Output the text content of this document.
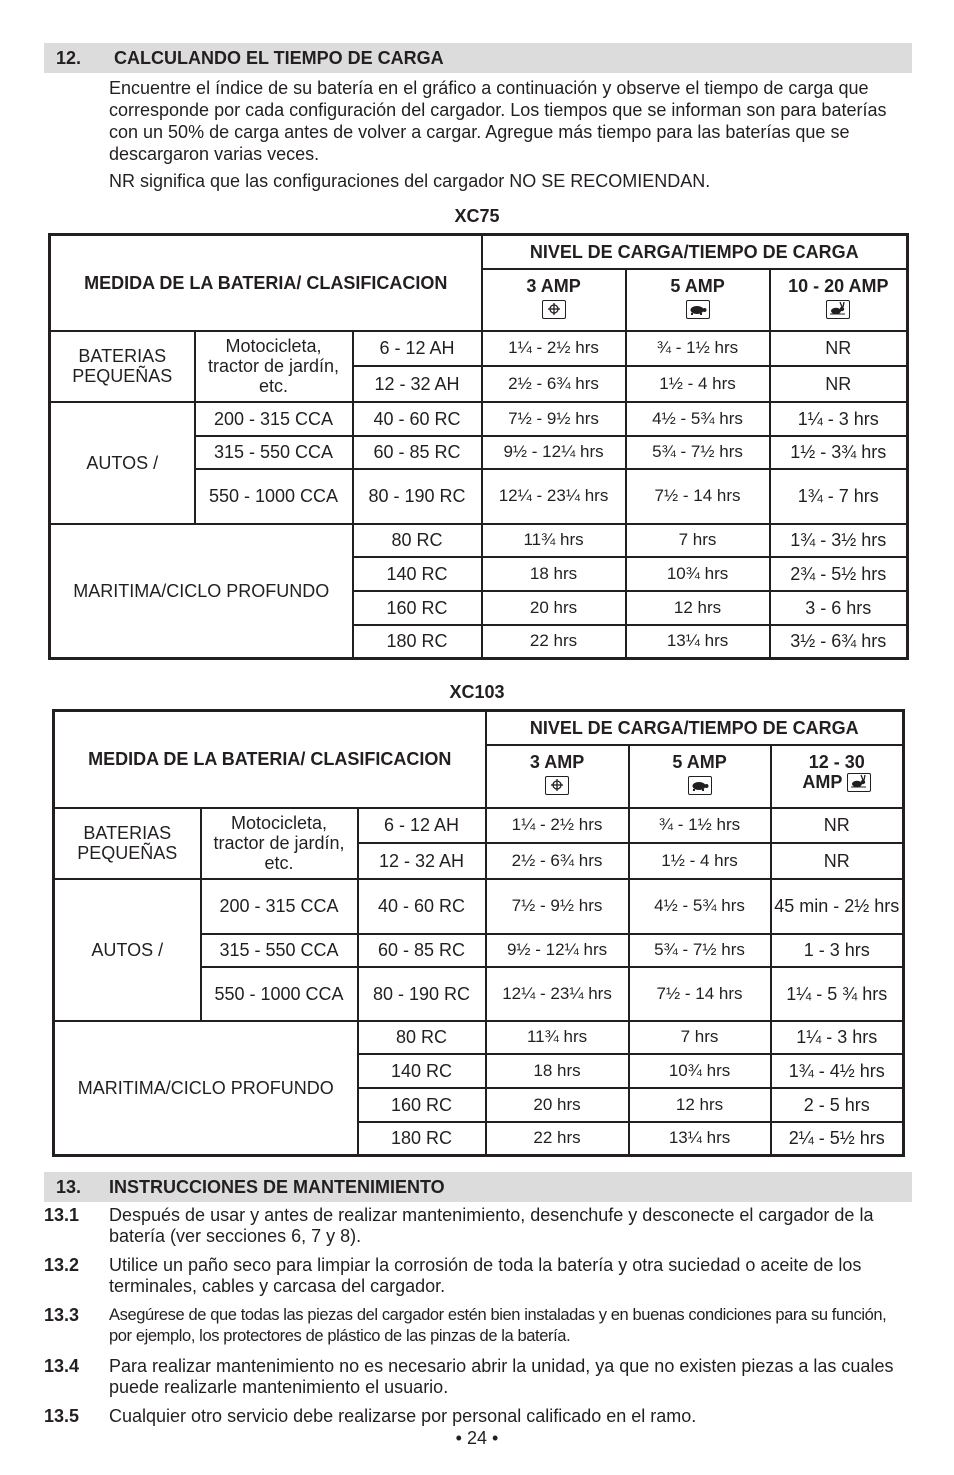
12. CALCULANDO EL TIEMPO DE CARGA
Encuentre el índice de su batería en el gráfico a continuación y observe el tiempo de carga que corresponde por cada configuración del cargador. Los tiempos que se informan son para baterías con un 50% de carga antes de volver a cargar. Agregue más tiempo para las baterías que se descargaron varias veces.
NR significa que las configuraciones del cargador NO SE RECOMIENDAN.
XC75
MEDIDA DE LA BATERIA/ CLASIFICACION			NIVEL DE CARGA/TIEMPO DE CARGA		
			3 AMP	5 AMP	10 - 20 AMP

BATERIAS PEQUEÑAS	Motocicleta, tractor de jardín, etc.	6 - 12 AH	1¼ - 2½ hrs	¾ - 1½ hrs	NR
		12 - 32 AH	2½ - 6¾ hrs	1½ - 4 hrs	NR
AUTOS /	200 - 315 CCA	40 - 60 RC	7½ - 9½ hrs	4½ - 5¾ hrs	1¼ - 3 hrs
	315 - 550 CCA	60 - 85 RC	9½ - 12¼ hrs	5¾ - 7½ hrs	1½ - 3¾ hrs
	550 - 1000 CCA	80 - 190 RC	12¼ - 23¼ hrs	7½ - 14 hrs	1¾ - 7 hrs
MARITIMA/CICLO PROFUNDO		80 RC	11¾ hrs	7 hrs	1¾ - 3½ hrs
		140 RC	18 hrs	10¾ hrs	2¾ - 5½ hrs
		160 RC	20 hrs	12 hrs	3 - 6 hrs
		180 RC	22 hrs	13¼ hrs	3½ - 6¾ hrs
XC103
MEDIDA DE LA BATERIA/ CLASIFICACION			NIVEL DE CARGA/TIEMPO DE CARGA		
			3 AMP	5 AMP	12 - 30
AMP

BATERIAS PEQUEÑAS	Motocicleta, tractor de jardín, etc.	6 - 12 AH	1¼ - 2½ hrs	¾ - 1½ hrs	NR
		12 - 32 AH	2½ - 6¾ hrs	1½ - 4 hrs	NR
AUTOS /	200 - 315 CCA	40 - 60 RC	7½ - 9½ hrs	4½ - 5¾ hrs	45 min - 2½ hrs
	315 - 550 CCA	60 - 85 RC	9½ - 12¼ hrs	5¾ - 7½ hrs	1 - 3 hrs
	550 - 1000 CCA	80 - 190 RC	12¼ - 23¼ hrs	7½ - 14 hrs	1¼ - 5 ¾ hrs
MARITIMA/CICLO PROFUNDO		80 RC	11¾ hrs	7 hrs	1¼ - 3 hrs
		140 RC	18 hrs	10¾ hrs	1¾ - 4½ hrs
		160 RC	20 hrs	12 hrs	2 - 5 hrs
		180 RC	22 hrs	13¼ hrs	2¼ - 5½ hrs
13. INSTRUCCIONES DE MANTENIMIENTO
13.1 Después de usar y antes de realizar mantenimiento, desenchufe y desconecte el cargador de la batería (ver secciones 6, 7 y 8).
13.2 Utilice un paño seco para limpiar la corrosión de toda la batería y otra suciedad o aceite de los terminales, cables y carcasa del cargador.
13.3 Asegúrese de que todas las piezas del cargador estén bien instaladas y en buenas condiciones para su función, por ejemplo, los protectores de plástico de las pinzas de la batería.
13.4 Para realizar mantenimiento no es necesario abrir la unidad, ya que no existen piezas a las cuales puede realizarle mantenimiento el usuario.
13.5 Cualquier otro servicio debe realizarse por personal calificado en el ramo.
• 24 •
